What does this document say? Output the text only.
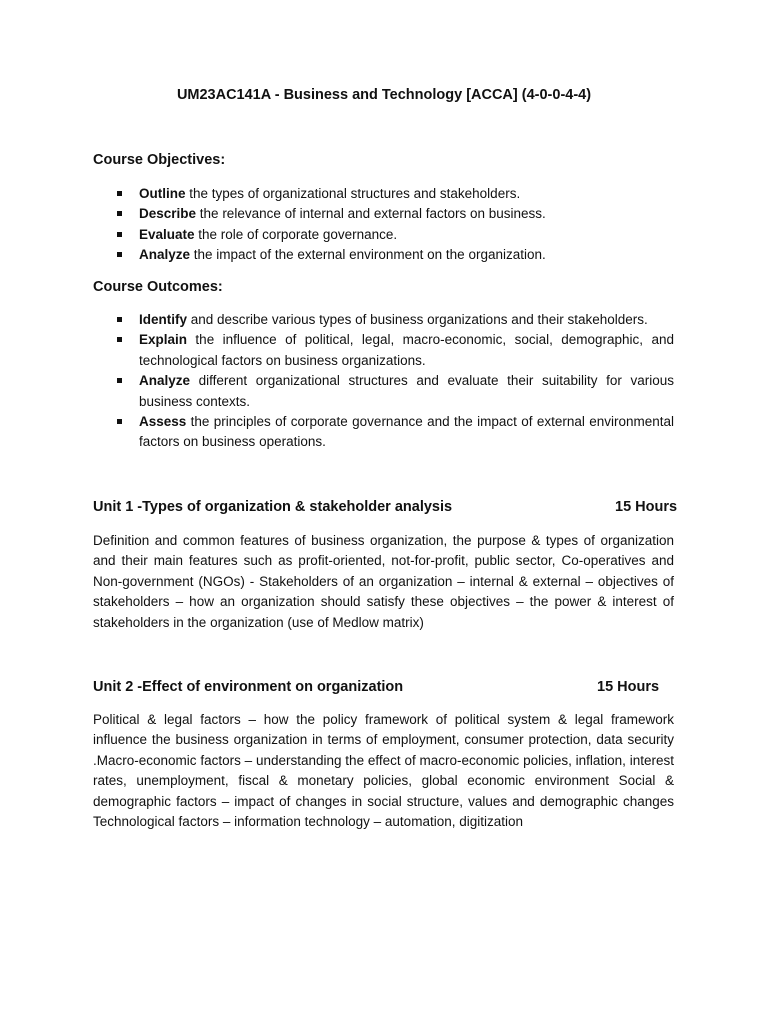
UM23AC141A - Business and Technology [ACCA] (4-0-0-4-4)
Course Objectives:
Outline the types of organizational structures and stakeholders.
Describe the relevance of internal and external factors on business.
Evaluate the role of corporate governance.
Analyze the impact of the external environment on the organization.
Course Outcomes:
Identify and describe various types of business organizations and their stakeholders.
Explain the influence of political, legal, macro-economic, social, demographic, and technological factors on business organizations.
Analyze different organizational structures and evaluate their suitability for various business contexts.
Assess the principles of corporate governance and the impact of external environmental factors on business operations.
Unit 1 -Types of organization & stakeholder analysis	15 Hours

Definition and common features of business organization, the purpose & types of organization and their main features such as profit-oriented, not-for-profit, public sector, Co-operatives and Non-government (NGOs) - Stakeholders of an organization – internal & external – objectives of stakeholders – how an organization should satisfy these objectives – the power & interest of stakeholders in the organization (use of Medlow matrix)

Unit 2 -Effect of environment on organization	15 Hours

Political & legal factors – how the policy framework of political system & legal framework influence the business organization in terms of employment, consumer protection, data security .Macro-economic factors – understanding the effect of macro-economic policies, inflation, interest rates, unemployment, fiscal & monetary policies, global economic environment Social & demographic factors – impact of changes in social structure, values and demographic changes Technological factors – information technology – automation, digitization
